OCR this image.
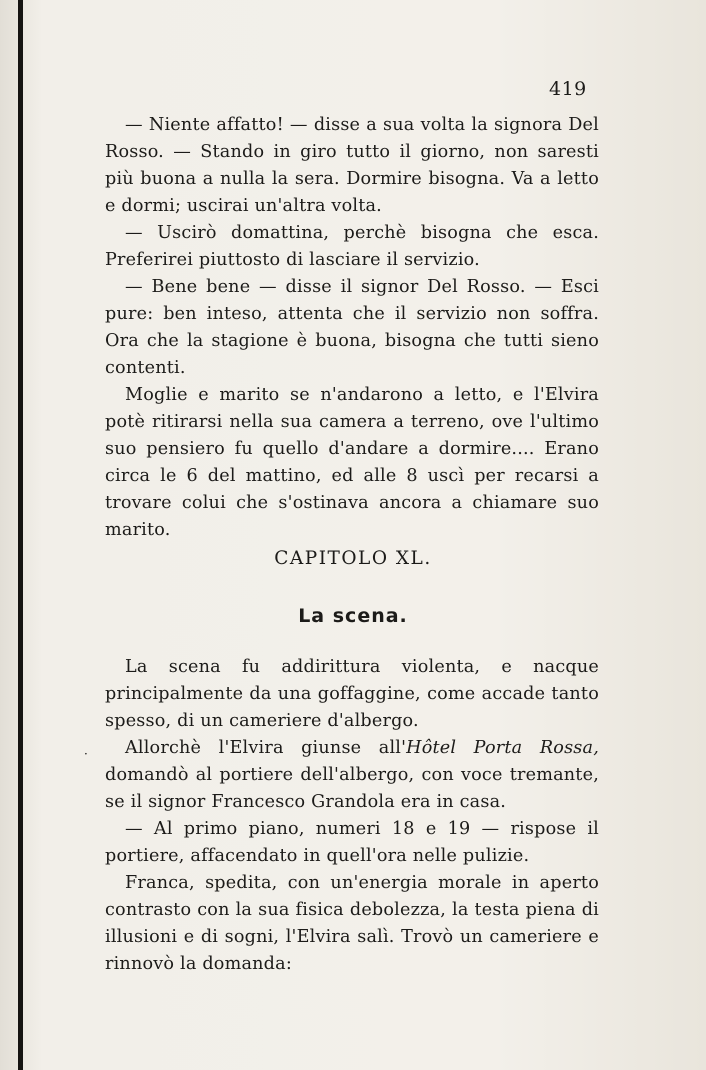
419

— Niente affatto! — disse a sua volta la signora Del Rosso. — Stando in giro tutto il giorno, non saresti più buona a nulla la sera. Dormire bisogna. Va a letto e dormi; uscirai un'altra volta.

— Uscirò domattina, perchè bisogna che esca. Preferirei piuttosto di lasciare il servizio.

— Bene bene — disse il signor Del Rosso. — Esci pure: ben inteso, attenta che il servizio non soffra. Ora che la stagione è buona, bisogna che tutti sieno contenti.

Moglie e marito se n'andarono a letto, e l'Elvira potè ritirarsi nella sua camera a terreno, ove l'ultimo suo pensiero fu quello d'andare a dormire.... Erano circa le 6 del mattino, ed alle 8 uscì per recarsi a trovare colui che s'ostinava ancora a chiamare suo marito.

CAPITOLO XL.
La scena.
·

La scena fu addirittura violenta, e nacque principalmente da una goffaggine, come accade tanto spesso, di un cameriere d'albergo.

Allorchè l'Elvira giunse all'Hôtel Porta Rossa, domandò al portiere dell'albergo, con voce tremante, se il signor Francesco Grandola era in casa.

— Al primo piano, numeri 18 e 19 — rispose il portiere, affacendato in quell'ora nelle pulizie.

Franca, spedita, con un'energia morale in aperto contrasto con la sua fisica debolezza, la testa piena di illusioni e di sogni, l'Elvira salì. Trovò un cameriere e rinnovò la domanda:
